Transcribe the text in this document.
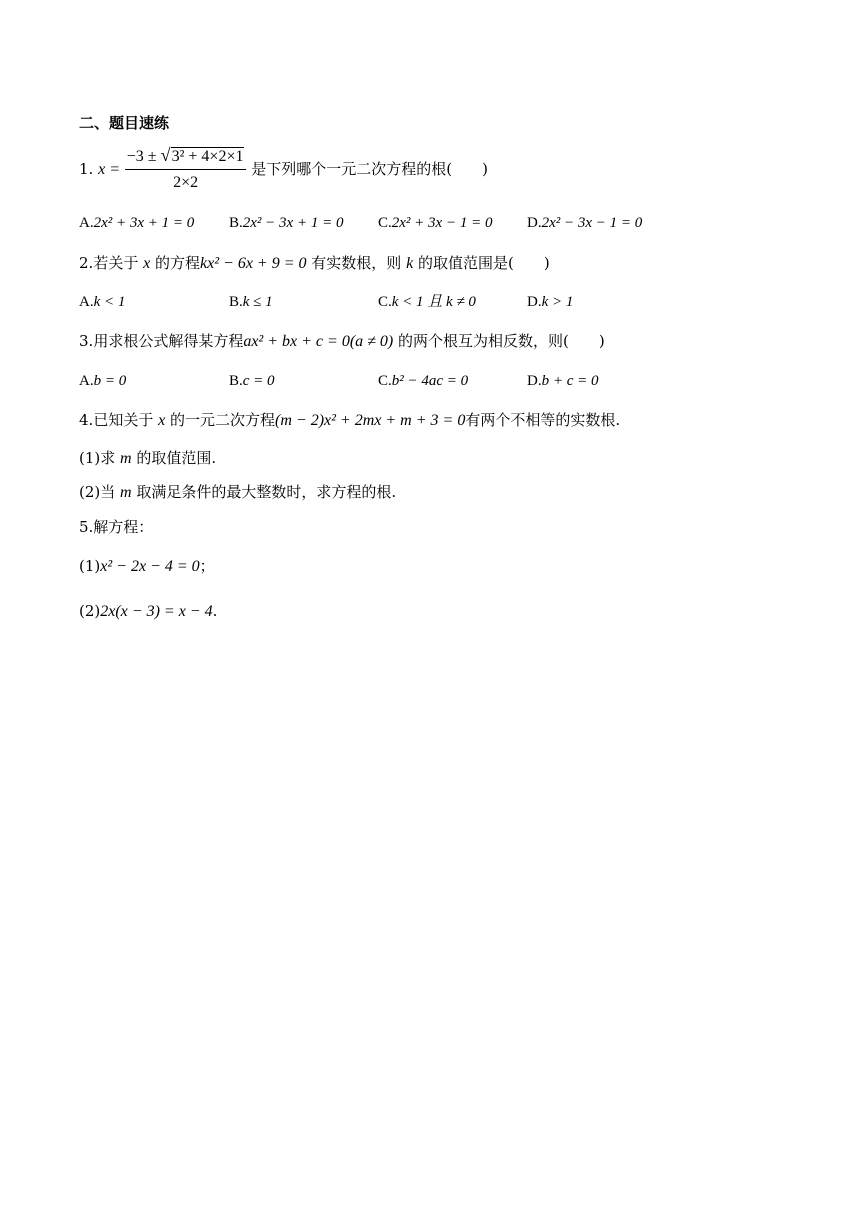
二、题目速练
1. $x = \frac{\text{−3 ± √ 3² + 4×2×1}}{2\times 2}$ 是下列哪个一元二次方程的根(　　)
A.2x² + 3x + 1 = 0 B.2x² − 3x + 1 = 0 C.2x² + 3x − 1 = 0 D.2x² − 3x − 1 = 0
2.若关于 x 的方程kx² − 6x + 9 = 0 有实数根，则 k 的取值范围是(　　)
A.k < 1	B.k ≤ 1	C.k < 1 且 k ≠ 0	D.k > 1
3.用求根公式解得某方程ax² + bx + c = 0(a ≠ 0) 的两个根互为相反数，则(　　)
A.b = 0	B.c = 0	C.b² − 4ac = 0	D.b + c = 0
4.已知关于 x 的一元二次方程(m − 2)x² + 2mx + m + 3 = 0有两个不相等的实数根.
(1)求 m 的取值范围.
(2)当 m 取满足条件的最大整数时，求方程的根.
5.解方程：
(1)x² − 2x − 4 = 0；
(2)2x(x − 3) = x − 4.
